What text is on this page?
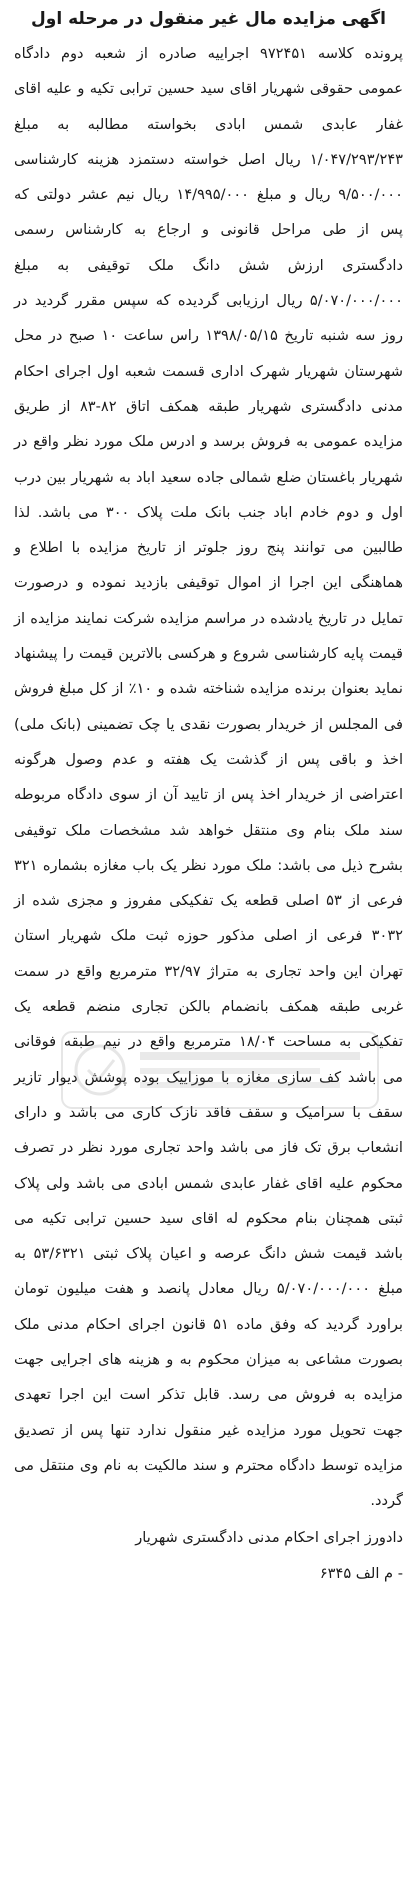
اگهی مزایده مال غیر منقول در مرحله اول

پرونده کلاسه ۹۷۲۴۵۱ اجراییه صادره از شعبه دوم دادگاه عمومی حقوقی شهریار اقای سید حسین ترابی تکیه و علیه اقای غفار عابدی شمس ابادی بخواسته مطالبه به مبلغ ۱/۰۴۷/۲۹۳/۲۴۳ ریال اصل خواسته دستمزد هزینه کارشناسی ۹/۵۰۰/۰۰۰ ریال و مبلغ ۱۴/۹۹۵/۰۰۰ ریال نیم عشر دولتی که پس از طی مراحل قانونی و ارجاع به کارشناس رسمی دادگستری ارزش شش دانگ ملک توقیفی به مبلغ ۵/۰۷۰/۰۰۰/۰۰۰ ریال ارزیابی گردیده که سپس مقرر گردید در روز سه شنبه تاریخ ۱۳۹۸/۰۵/۱۵ راس ساعت ۱۰ صبح در محل شهرستان شهریار شهرک اداری قسمت شعبه اول اجرای احکام مدنی دادگستری شهریار طبقه همکف اتاق ۸۲-۸۳ از طریق مزایده عمومی به فروش برسد و ادرس ملک مورد نظر واقع در شهریار باغستان ضلع شمالی جاده سعید اباد به شهریار بین درب اول و دوم خادم اباد جنب بانک ملت پلاک ۳۰۰ می باشد. لذا طالبین می توانند پنج روز جلوتر از تاریخ مزایده با اطلاع و هماهنگی این اجرا از اموال توقیفی بازدید نموده و درصورت تمایل در تاریخ یادشده در مراسم مزایده شرکت نمایند مزایده از قیمت پایه کارشناسی شروع و هرکسی بالاترین قیمت را پیشنهاد نماید بعنوان برنده مزایده شناخته شده و ۱۰٪ از کل مبلغ فروش فی المجلس از خریدار بصورت نقدی یا چک تضمینی (بانک ملی) اخذ و باقی پس از گذشت یک هفته و عدم وصول هرگونه اعتراضی از خریدار اخذ پس از تایید آن از سوی دادگاه مربوطه سند ملک بنام وی منتقل خواهد شد مشخصات ملک توقیفی بشرح ذیل می باشد: ملک مورد نظر یک باب مغازه بشماره ۳۲۱ فرعی از ۵۳ اصلی قطعه یک تفکیکی مفروز و مجزی شده از ۳۰۳۲ فرعی از اصلی مذکور حوزه ثبت ملک شهریار استان تهران این واحد تجاری به متراژ ۳۲/۹۷ مترمربع واقع در سمت غربی طبقه همکف بانضمام بالکن تجاری منضم قطعه یک تفکیکی به مساحت ۱۸/۰۴ مترمربع واقع در نیم طبقه فوقانی می باشد کف سازی مغازه با موزاییک بوده پوشش دیوار تازیر سقف با سرامیک و سقف فاقد نازک کاری می باشد و دارای انشعاب برق تک فاز می باشد واحد تجاری مورد نظر در تصرف محکوم علیه اقای غفار عابدی شمس ابادی می باشد ولی پلاک ثبتی همچنان بنام محکوم له اقای سید حسین ترابی تکیه می باشد قیمت شش دانگ عرصه و اعیان پلاک ثبتی ۵۳/۶۳۲۱ به مبلغ ۵/۰۷۰/۰۰۰/۰۰۰ ریال معادل پانصد و هفت میلیون تومان براورد گردید که وفق ماده ۵۱ قانون اجرای احکام مدنی ملک بصورت مشاعی به میزان محکوم به و هزینه های اجرایی جهت مزایده به فروش می رسد. قابل تذکر است این اجرا تعهدی جهت تحویل مورد مزایده غیر منقول ندارد تنها پس از تصدیق مزایده توسط دادگاه محترم و سند مالکیت به نام وی منتقل می گردد.

دادورز اجرای احکام مدنی دادگستری شهریار
- م الف ۶۳۴۵
